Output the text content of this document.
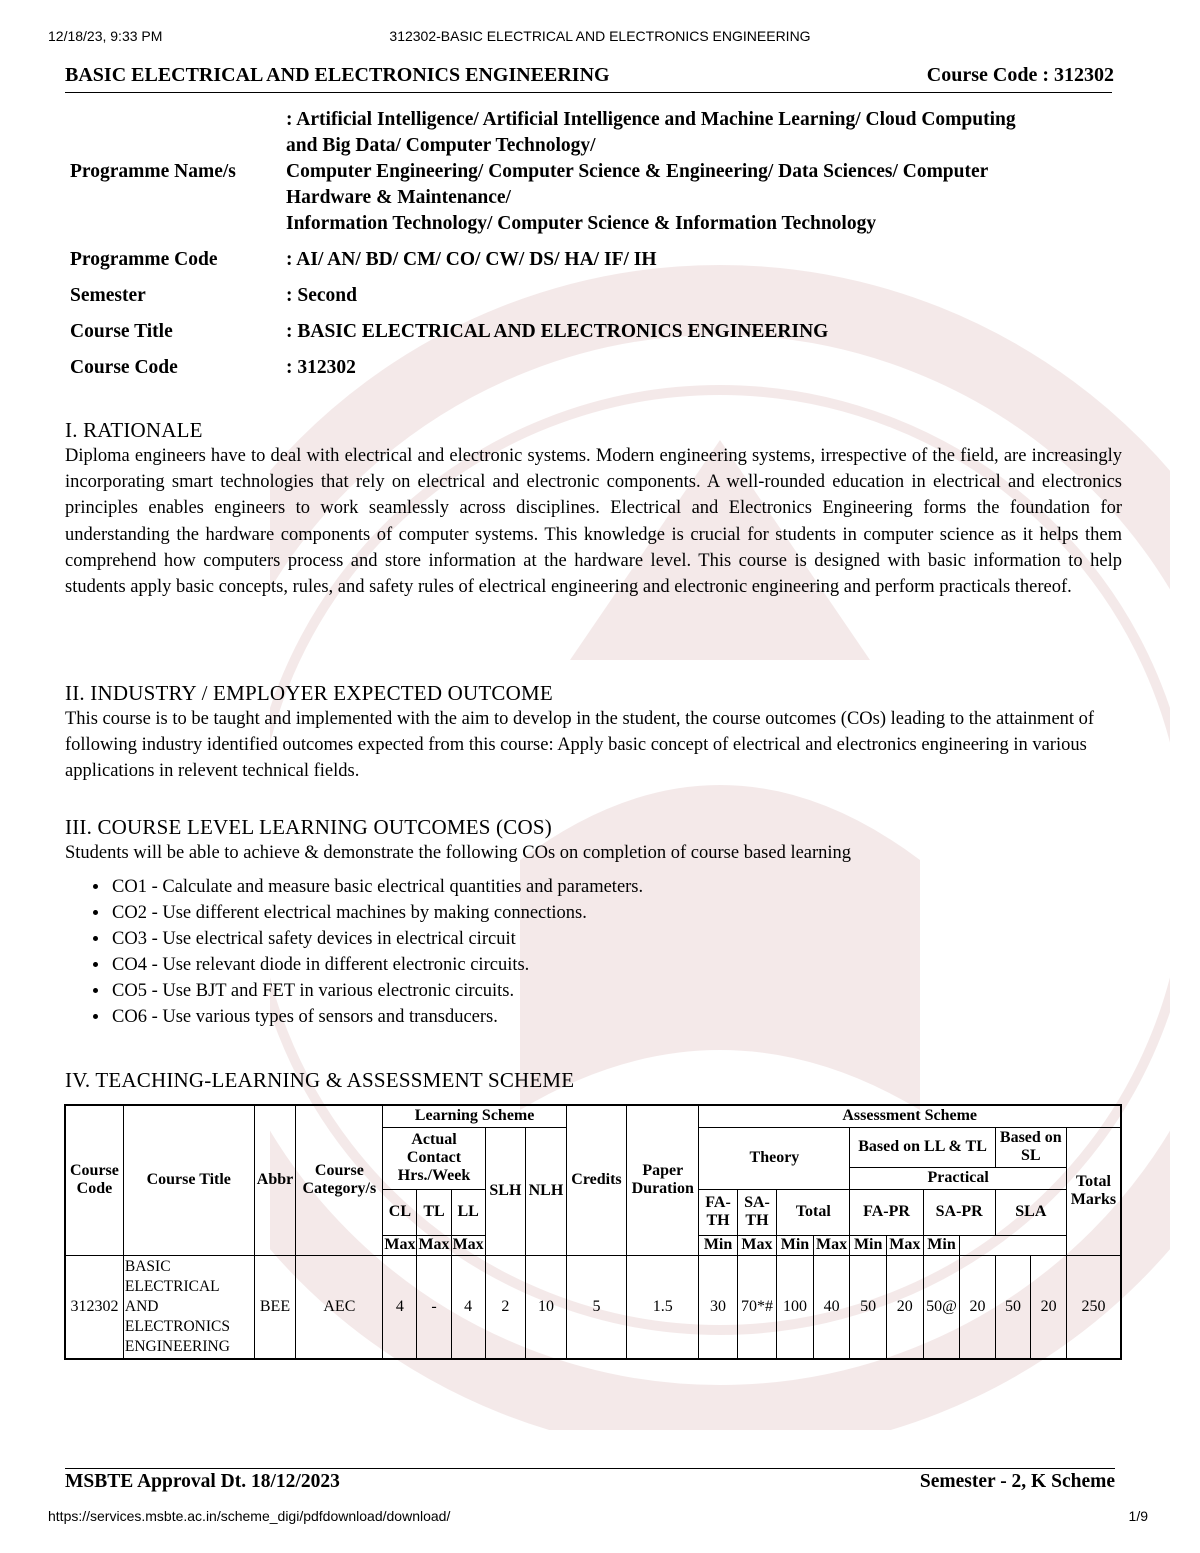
12/18/23, 9:33 PM	312302-BASIC ELECTRICAL AND ELECTRONICS ENGINEERING
BASIC ELECTRICAL AND ELECTRONICS ENGINEERING	Course Code : 312302
Programme Name/s	: Artificial Intelligence/ Artificial Intelligence and Machine Learning/ Cloud Computing
and Big Data/ Computer Technology/
Computer Engineering/ Computer Science & Engineering/ Data Sciences/ Computer
Hardware & Maintenance/
Information Technology/ Computer Science & Information Technology
Programme Code	: AI/ AN/ BD/ CM/ CO/ CW/ DS/ HA/ IF/ IH
Semester	: Second
Course Title	: BASIC ELECTRICAL AND ELECTRONICS ENGINEERING
Course Code	: 312302
I. RATIONALE

Diploma engineers have to deal with electrical and electronic systems. Modern engineering systems, irrespective of the field, are increasingly incorporating smart technologies that rely on electrical and electronic components. A well-rounded education in electrical and electronics principles enables engineers to work seamlessly across disciplines. Electrical and Electronics Engineering forms the foundation for understanding the hardware components of computer systems. This knowledge is crucial for students in computer science as it helps them comprehend how computers process and store information at the hardware level. This course is designed with basic information to help students apply basic concepts, rules, and safety rules of electrical engineering and electronic engineering and perform practicals thereof.

II. INDUSTRY / EMPLOYER EXPECTED OUTCOME

This course is to be taught and implemented with the aim to develop in the student, the course outcomes (COs) leading to the attainment of following industry identified outcomes expected from this course: Apply basic concept of electrical and electronics engineering in various applications in relevent technical fields.

III. COURSE LEVEL LEARNING OUTCOMES (COS)

Students will be able to achieve & demonstrate the following COs on completion of course based learning

• CO1 - Calculate and measure basic electrical quantities and parameters.
• CO2 - Use different electrical machines by making connections.
• CO3 - Use electrical safety devices in electrical circuit
• CO4 - Use relevant diode in different electronic circuits.
• CO5 - Use BJT and FET in various electronic circuits.
• CO6 - Use various types of sensors and transducers.
IV. TEACHING-LEARNING & ASSESSMENT SCHEME
Course Code	Course Title	Abbr	Course Category/s	Learning Scheme					Credits	Paper Duration	Assessment Scheme										
				Actual Contact Hrs./Week			SLH	NLH			Theory				Based on LL & TL				Based on SL		Total Marks
															Practical						
				CL	TL	LL					FA-TH	SA-TH	Total		FA-PR		SA-PR		SLA		
				Max	Max	Max					Min	Max	Min	Max	Min	Max	Min				
312302	BASIC ELECTRICAL AND ELECTRONICS ENGINEERING	BEE	AEC	4	-	4	2	10	5	1.5	30	70*#	100	40	50	20	50@	20	50	20	250
MSBTE Approval Dt. 18/12/2023	Semester - 2, K Scheme
https://services.msbte.ac.in/scheme_digi/pdfdownload/download/	1/9
